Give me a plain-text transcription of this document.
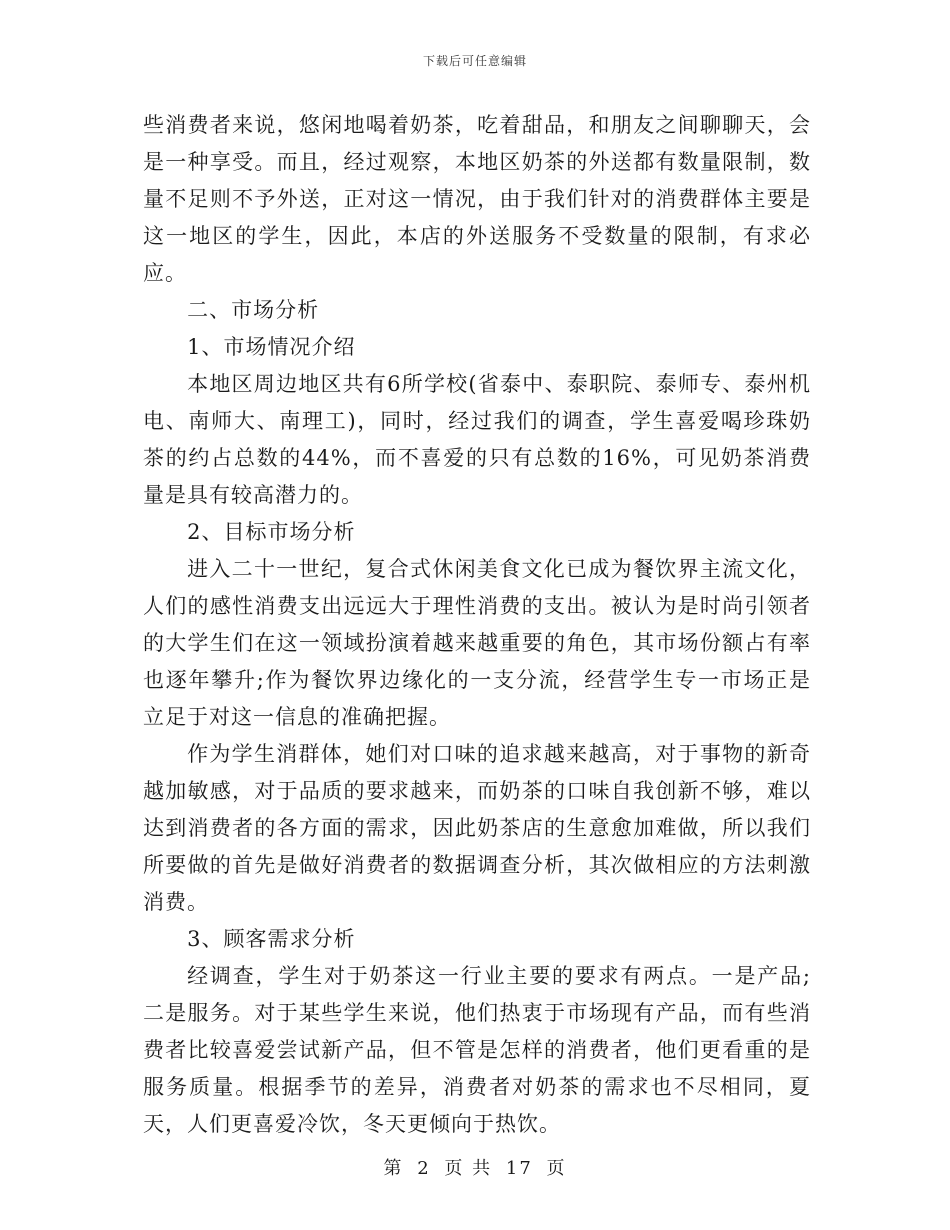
下载后可任意编辑

些消费者来说，悠闲地喝着奶茶，吃着甜品，和朋友之间聊聊天，会是一种享受。而且，经过观察，本地区奶茶的外送都有数量限制，数量不足则不予外送，正对这一情况，由于我们针对的消费群体主要是这一地区的学生，因此，本店的外送服务不受数量的限制，有求必应。

二、市场分析

1、市场情况介绍

本地区周边地区共有6所学校(省泰中、泰职院、泰师专、泰州机电、南师大、南理工)，同时，经过我们的调查，学生喜爱喝珍珠奶茶的约占总数的44%，而不喜爱的只有总数的16%，可见奶茶消费量是具有较高潜力的。

2、目标市场分析

进入二十一世纪，复合式休闲美食文化已成为餐饮界主流文化，人们的感性消费支出远远大于理性消费的支出。被认为是时尚引领者的大学生们在这一领域扮演着越来越重要的角色，其市场份额占有率也逐年攀升;作为餐饮界边缘化的一支分流，经营学生专一市场正是立足于对这一信息的准确把握。

作为学生消群体，她们对口味的追求越来越高，对于事物的新奇越加敏感，对于品质的要求越来，而奶茶的口味自我创新不够，难以达到消费者的各方面的需求，因此奶茶店的生意愈加难做，所以我们所要做的首先是做好消费者的数据调查分析，其次做相应的方法刺激消费。

3、顾客需求分析

经调查，学生对于奶茶这一行业主要的要求有两点。一是产品;二是服务。对于某些学生来说，他们热衷于市场现有产品，而有些消费者比较喜爱尝试新产品，但不管是怎样的消费者，他们更看重的是服务质量。根据季节的差异，消费者对奶茶的需求也不尽相同，夏天，人们更喜爱冷饮，冬天更倾向于热饮。

第 2 页 共 17 页
